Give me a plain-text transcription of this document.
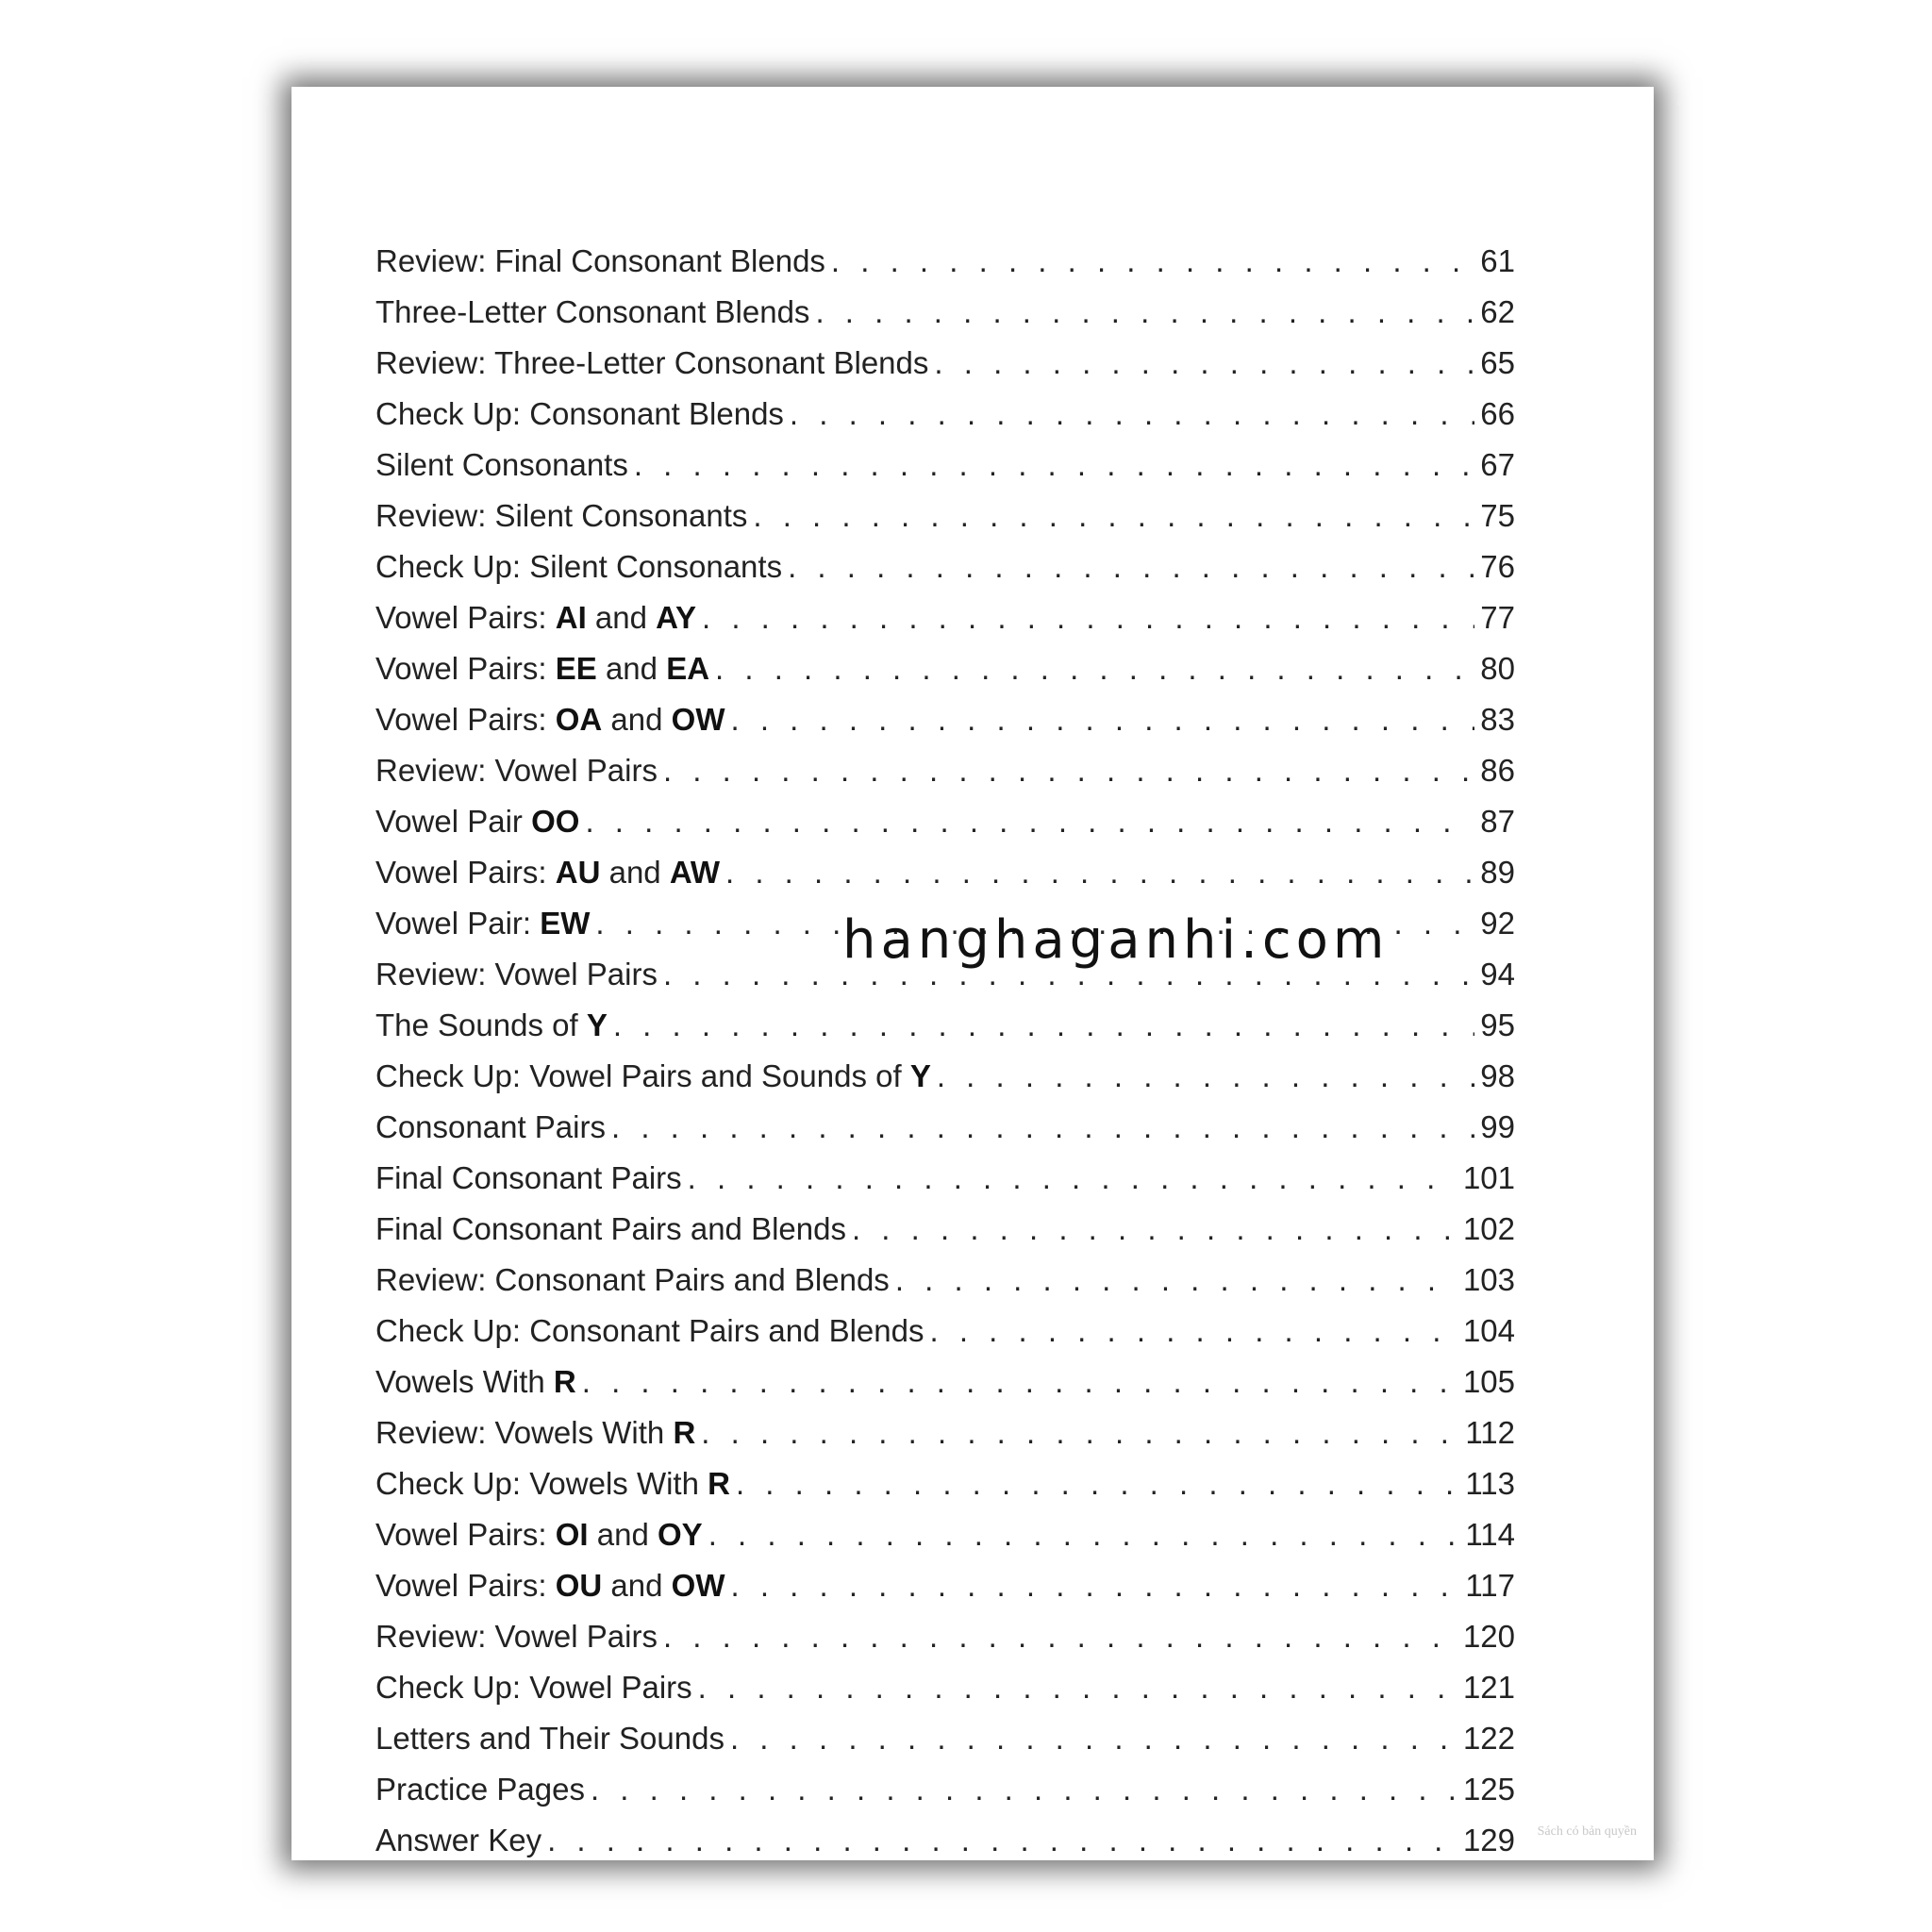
Review: Final Consonant Blends . . .	61
Three-Letter Consonant Blends . . .	62
Review: Three-Letter Consonant Blends . . .	65
Check Up: Consonant Blends . . .	66
Silent Consonants . . .	67
Review: Silent Consonants . . .	75
Check Up: Silent Consonants . . .	76
Vowel Pairs: AI and AY . . .	77
Vowel Pairs: EE and EA . . .	80
Vowel Pairs: OA and OW . . .	83
Review: Vowel Pairs . . .	86
Vowel Pair OO . . .	87
Vowel Pairs: AU and AW . . .	89
Vowel Pair: EW . . .	92
Review: Vowel Pairs . . .	94
The Sounds of Y . . .	95
Check Up: Vowel Pairs and Sounds of Y . . .	98
Consonant Pairs . . .	99
Final Consonant Pairs . . .	101
Final Consonant Pairs and Blends . . .	102
Review: Consonant Pairs and Blends . . .	103
Check Up: Consonant Pairs and Blends . . .	104
Vowels With R . . .	105
Review: Vowels With R . . .	112
Check Up: Vowels With R . . .	113
Vowel Pairs: OI and OY . . .	114
Vowel Pairs: OU and OW . . .	117
Review: Vowel Pairs . . .	120
Check Up: Vowel Pairs . . .	121
Letters and Their Sounds . . .	122
Practice Pages . . .	125
Answer Key . . .	129
hanghaganhi.com
Sách có bản quyền
